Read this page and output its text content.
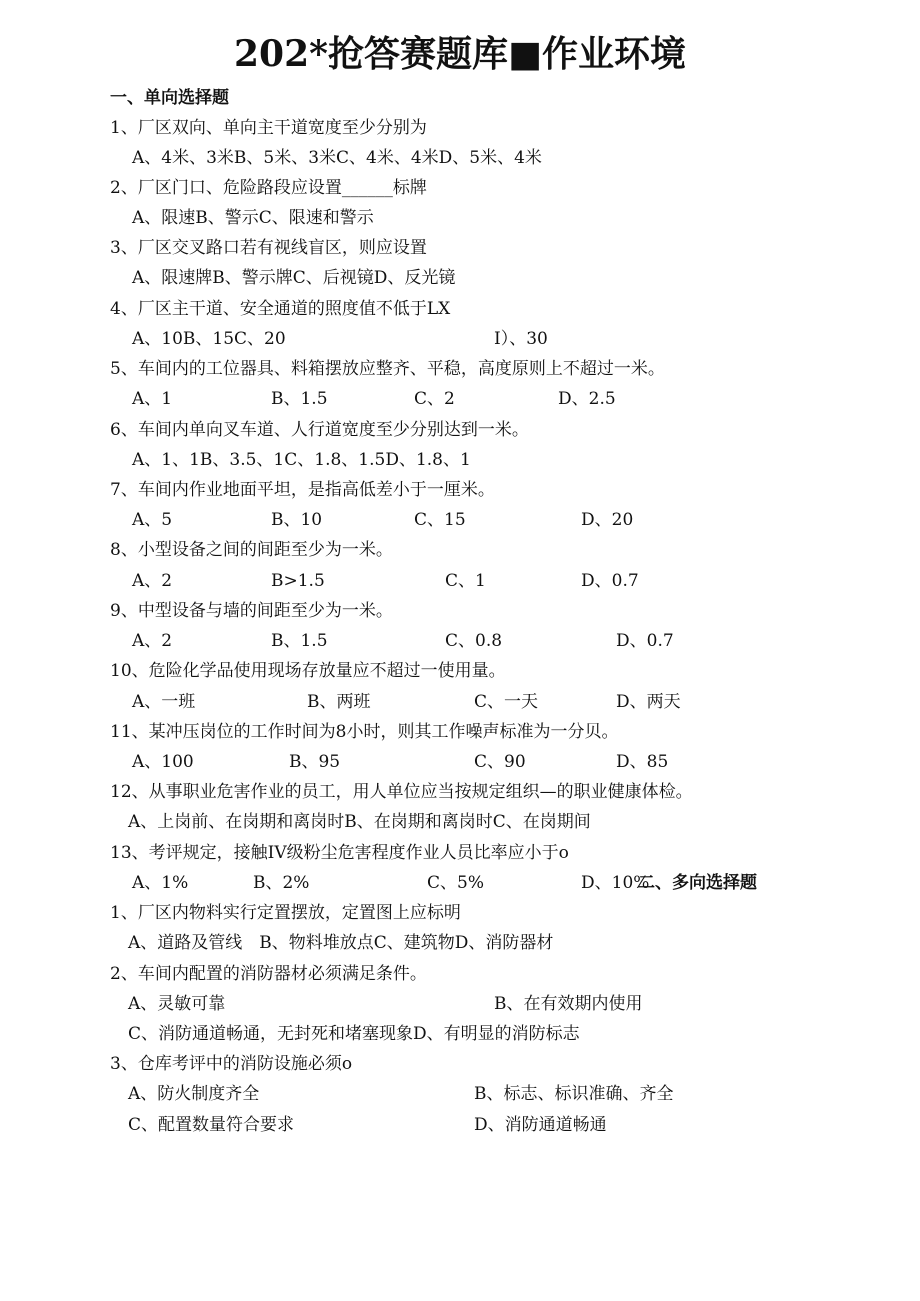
202*抢答赛题库■作业环境
一、单向选择题
1、厂区双向、单向主干道宽度至少分别为
A、4米、3米B、5米、3米C、4米、4米D、5米、4米
2、厂区门口、危险路段应设置______标牌
A、限速B、警示C、限速和警示
3、厂区交叉路口若有视线盲区，则应设置
A、限速牌B、警示牌C、后视镜D、反光镜
4、厂区主干道、安全通道的照度值不低于LX
A、10B、15C、20	I）、30
5、车间内的工位器具、料箱摆放应整齐、平稳，高度原则上不超过一米。
A、1	B、1.5	C、2	D、2.5
6、车间内单向叉车道、人行道宽度至少分别达到一米。
A、1、1B、3.5、1C、1.8、1.5D、1.8、1
7、车间内作业地面平坦，是指高低差小于一厘米。
A、5	B、10	C、15	D、20
8、小型设备之间的间距至少为一米。
A、2	B>1.5	C、1	D、0.7
9、中型设备与墙的间距至少为一米。
A、2	B、1.5	C、0.8	D、0.7
10、危险化学品使用现场存放量应不超过一使用量。
A、一班	B、两班	C、一天	D、两天
11、某冲压岗位的工作时间为8小时，则其工作噪声标准为一分贝。
A、100	B、95	C、90	D、85
12、从事职业危害作业的员工，用人单位应当按规定组织—的职业健康体检。
A、上岗前、在岗期和离岗时B、在岗期和离岗时C、在岗期间
13、考评规定，接触IV级粉尘危害程度作业人员比率应小于o
A、1%	B、2%	C、5%	D、10%
二、多向选择题
1、厂区内物料实行定置摆放，定置图上应标明
A、道路及管线　B、物料堆放点C、建筑物D、消防器材
2、车间内配置的消防器材必须满足条件。
A、灵敏可靠	B、在有效期内使用
C、消防通道畅通，无封死和堵塞现象D、有明显的消防标志
3、仓库考评中的消防设施必须o
A、防火制度齐全	B、标志、标识准确、齐全
C、配置数量符合要求	D、消防通道畅通
